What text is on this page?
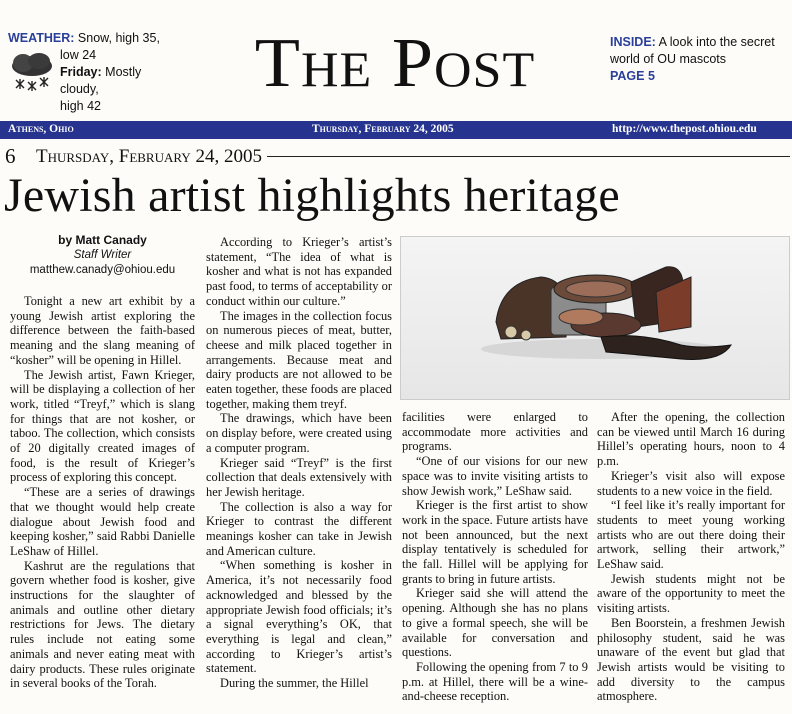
WEATHER: Snow, high 35,
low 24
Friday: Mostly cloudy,
high 42
The Post	INSIDE: A look into the secret world of OU mascots
PAGE 5
Athens, Ohio	Thursday, February 24, 2005	http://www.thepost.ohiou.edu
6 Thursday, February 24, 2005
Jewish artist highlights heritage
by Matt Canady
Staff Writer
matthew.canady@ohiou.edu

Tonight a new art exhibit by a young Jewish artist exploring the difference between the faith-based meaning and the slang meaning of “kosher” will be opening in Hillel.

The Jewish artist, Fawn Krieger, will be displaying a collection of her work, titled “Treyf,” which is slang for things that are not kosher, or taboo. The collection, which consists of 20 digitally created images of food, is the result of Krieger’s process of exploring this concept.

“These are a series of drawings that we thought would help create dialogue about Jewish food and keeping kosher,” said Rabbi Danielle LeShaw of Hillel.

Kashrut are the regulations that govern whether food is kosher, give instructions for the slaughter of animals and outline other dietary restrictions for Jews. The dietary rules include not eating some animals and never eating meat with dairy products. These rules originate in several books of the Torah.

According to Krieger’s artist’s statement, “The idea of what is kosher and what is not has expanded past food, to terms of acceptability or conduct within our culture.”

The images in the collection focus on numerous pieces of meat, butter, cheese and milk placed together in arrangements. Because meat and dairy products are not allowed to be eaten together, these foods are placed together, making them treyf.

The drawings, which have been on display before, were created using a computer program.

Krieger said “Treyf” is the first collection that deals extensively with her Jewish heritage.

The collection is also a way for Krieger to contrast the different meanings kosher can take in Jewish and American culture.

“When something is kosher in America, it’s not necessarily food acknowledged and blessed by the appropriate Jewish food officials; it’s a signal everything’s OK, that everything is legal and clean,” according to Krieger’s artist’s statement.

During the summer, the Hillel

facilities were enlarged to accommodate more activities and programs.

“One of our visions for our new space was to invite visiting artists to show Jewish work,” LeShaw said.

Krieger is the first artist to show work in the space. Future artists have not been announced, but the next display tentatively is scheduled for the fall. Hillel will be applying for grants to bring in future artists.

Krieger said she will attend the opening. Although she has no plans to give a formal speech, she will be available for conversation and questions.

Following the opening from 7 to 9 p.m. at Hillel, there will be a wine-and-cheese reception.

After the opening, the collection can be viewed until March 16 during Hillel’s operating hours, noon to 4 p.m.

Krieger’s visit also will expose students to a new voice in the field.

“I feel like it’s really important for students to meet young working artists who are out there doing their artwork, selling their artwork,” LeShaw said.

Jewish students might not be aware of the opportunity to meet the visiting artists.

Ben Boorstein, a freshmen Jewish philosophy student, said he was unaware of the event but glad that Jewish artists would be visiting to add diversity to the campus atmosphere.
